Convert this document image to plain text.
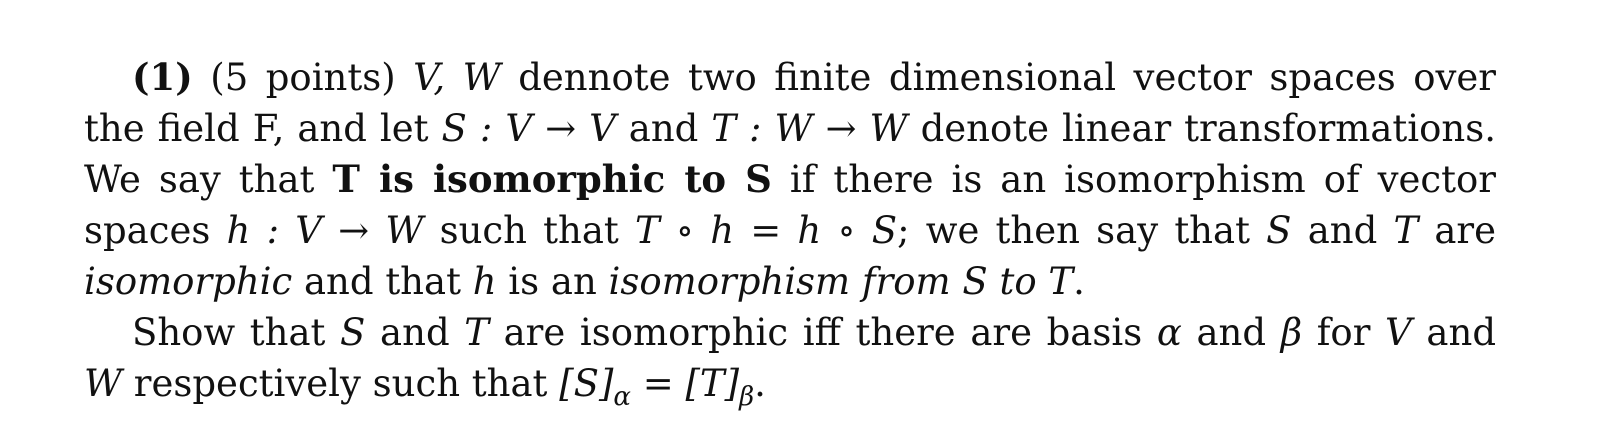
(1) (5 points) V, W dennote two finite dimensional vector spaces over the field F, and let S : V → V and T : W → W denote linear transformations. We say that T is isomorphic to S if there is an isomorphism of vector spaces h : V → W such that T ∘ h = h ∘ S; we then say that S and T are isomorphic and that h is an isomorphism from S to T.

Show that S and T are isomorphic iff there are basis α and β for V and W respectively such that $[S]_\alpha = [T]_\beta$.
